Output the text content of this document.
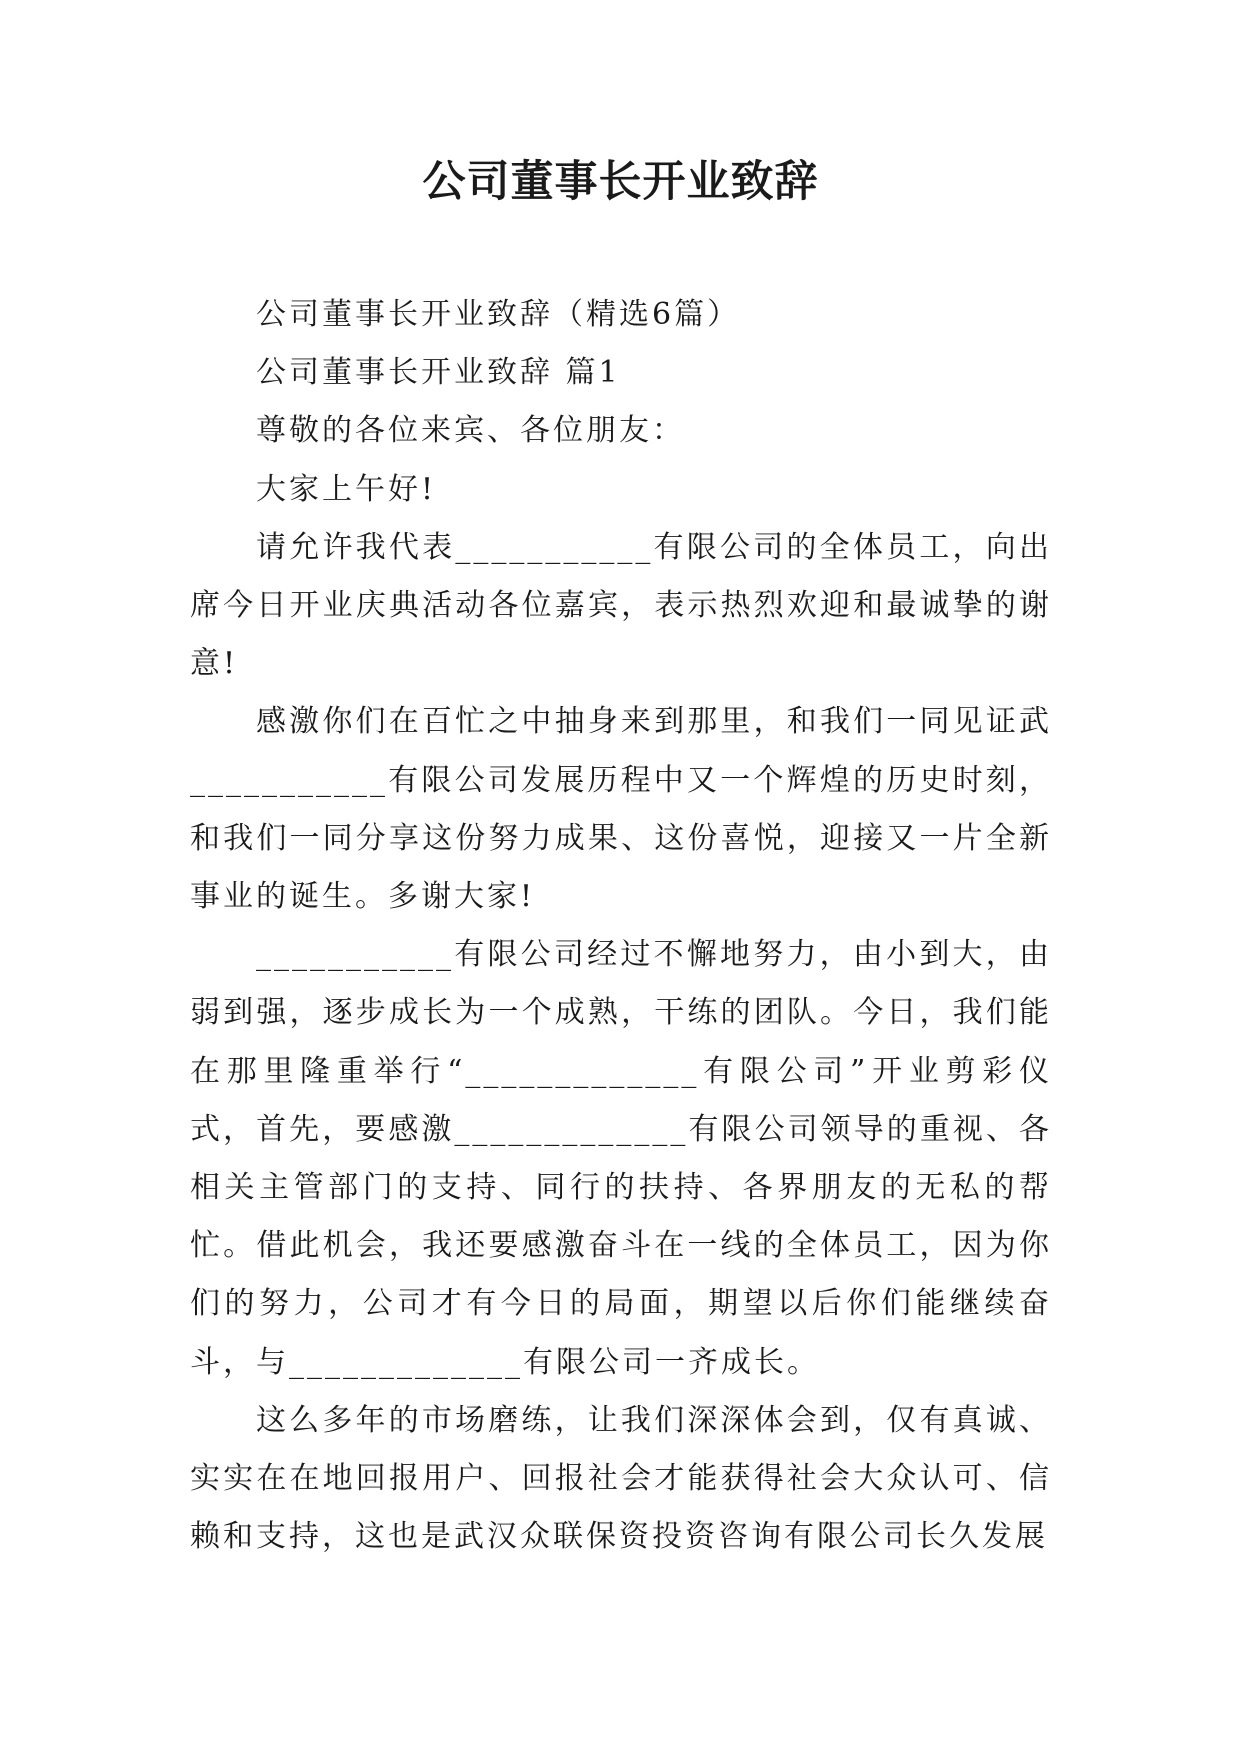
公司董事长开业致辞

公司董事长开业致辞（精选6篇）

公司董事长开业致辞 篇1

尊敬的各位来宾、各位朋友：

大家上午好!

请允许我代表___________有限公司的全体员工，向出席今日开业庆典活动各位嘉宾，表示热烈欢迎和最诚挚的谢意!

感激你们在百忙之中抽身来到那里，和我们一同见证武___________有限公司发展历程中又一个辉煌的历史时刻，和我们一同分享这份努力成果、这份喜悦，迎接又一片全新事业的诞生。多谢大家!

___________有限公司经过不懈地努力，由小到大，由弱到强，逐步成长为一个成熟，干练的团队。今日，我们能在那里隆重举行“_____________有限公司”开业剪彩仪式，首先，要感激_____________有限公司领导的重视、各相关主管部门的支持、同行的扶持、各界朋友的无私的帮忙。借此机会，我还要感激奋斗在一线的全体员工，因为你们的努力，公司才有今日的局面，期望以后你们能继续奋斗，与_____________有限公司一齐成长。

这么多年的市场磨练，让我们深深体会到，仅有真诚、实实在在地回报用户、回报社会才能获得社会大众认可、信赖和支持，这也是武汉众联保资投资咨询有限公司长久发展
